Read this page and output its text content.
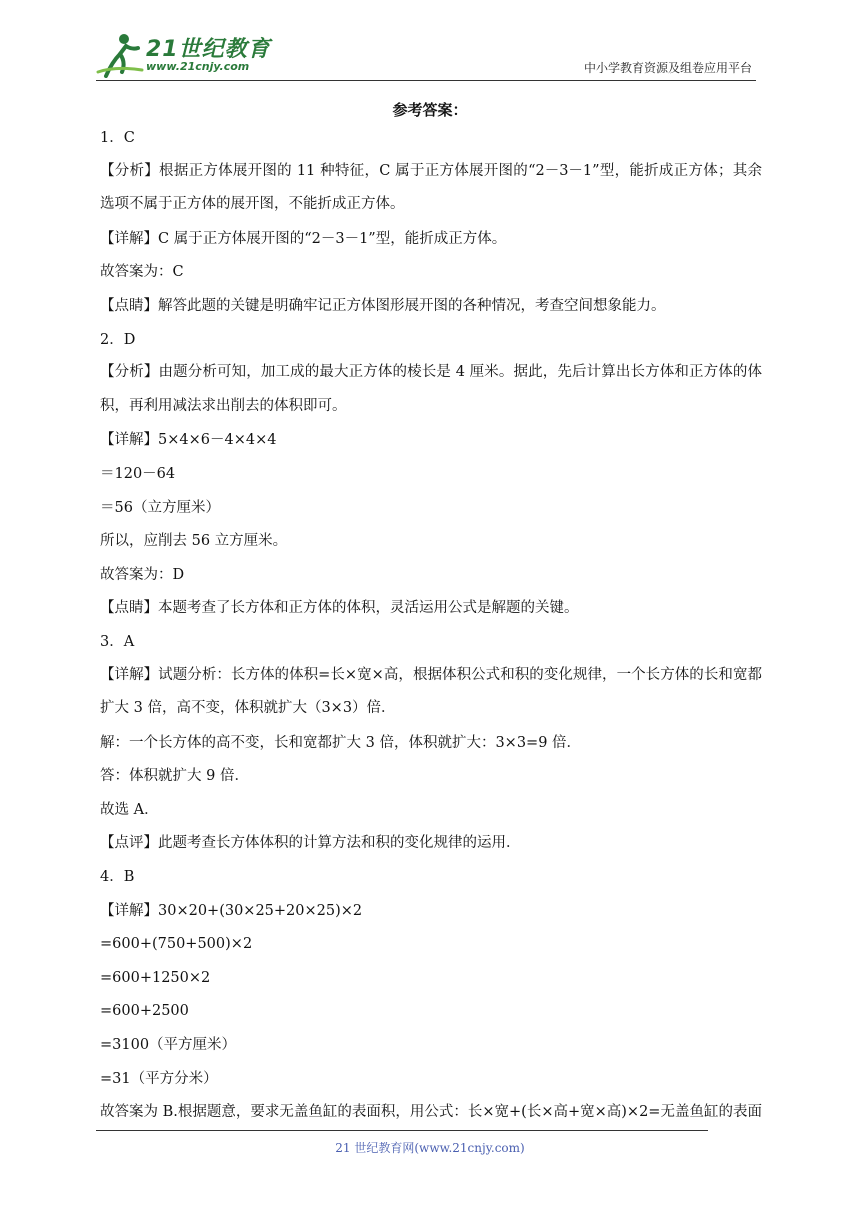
21世纪教育
www.21cnjy.com	中小学教育资源及组卷应用平台
参考答案：
1．C
【分析】根据正方体展开图的 11 种特征，C 属于正方体展开图的“2－3－1”型，能折成正方体；其余选项不属于正方体的展开图，不能折成正方体。
【详解】C 属于正方体展开图的“2－3－1”型，能折成正方体。
故答案为：C
【点睛】解答此题的关键是明确牢记正方体图形展开图的各种情况，考查空间想象能力。
2．D
【分析】由题分析可知，加工成的最大正方体的棱长是 4 厘米。据此，先后计算出长方体和正方体的体积，再利用减法求出削去的体积即可。
【详解】5×4×6－4×4×4
＝120－64
＝56（立方厘米）
所以，应削去 56 立方厘米。
故答案为：D
【点睛】本题考查了长方体和正方体的体积，灵活运用公式是解题的关键。
3．A
【详解】试题分析：长方体的体积=长×宽×高，根据体积公式和积的变化规律，一个长方体的长和宽都扩大 3 倍，高不变，体积就扩大（3×3）倍．
解：一个长方体的高不变，长和宽都扩大 3 倍，体积就扩大：3×3=9 倍．
答：体积就扩大 9 倍．
故选 A．
【点评】此题考查长方体体积的计算方法和积的变化规律的运用．
4．B
【详解】30×20+(30×25+20×25)×2
=600+(750+500)×2
=600+1250×2
=600+2500
=3100（平方厘米）
=31（平方分米）
故答案为 B.根据题意，要求无盖鱼缸的表面积，用公式：长×宽+(长×高+宽×高)×2=无盖鱼缸的表面
21 世纪教育网(www.21cnjy.com)
